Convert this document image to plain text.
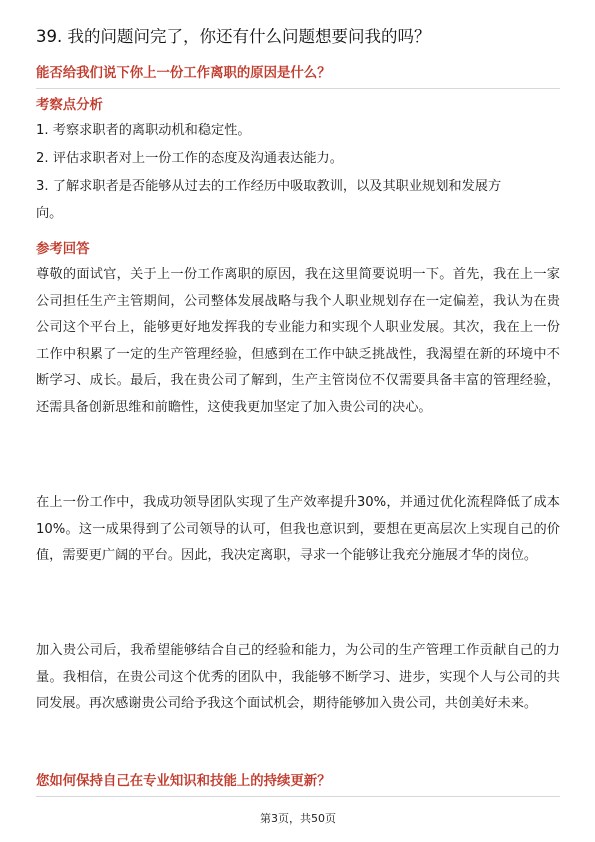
39. 我的问题问完了，你还有什么问题想要问我的吗？
能否给我们说下你上一份工作离职的原因是什么？
考察点分析
1. 考察求职者的离职动机和稳定性。
2. 评估求职者对上一份工作的态度及沟通表达能力。
3. 了解求职者是否能够从过去的工作经历中吸取教训，以及其职业规划和发展方
向。
参考回答
尊敬的面试官，关于上一份工作离职的原因，我在这里简要说明一下。首先，我在上一家公司担任生产主管期间，公司整体发展战略与我个人职业规划存在一定偏差，我认为在贵公司这个平台上，能够更好地发挥我的专业能力和实现个人职业发展。其次，我在上一份工作中积累了一定的生产管理经验，但感到在工作中缺乏挑战性，我渴望在新的环境中不断学习、成长。最后，我在贵公司了解到，生产主管岗位不仅需要具备丰富的管理经验，还需具备创新思维和前瞻性，这使我更加坚定了加入贵公司的决心。
在上一份工作中，我成功领导团队实现了生产效率提升30%，并通过优化流程降低了成本10%。这一成果得到了公司领导的认可，但我也意识到，要想在更高层次上实现自己的价值，需要更广阔的平台。因此，我决定离职，寻求一个能够让我充分施展才华的岗位。
加入贵公司后，我希望能够结合自己的经验和能力，为公司的生产管理工作贡献自己的力量。我相信，在贵公司这个优秀的团队中，我能够不断学习、进步，实现个人与公司的共同发展。再次感谢贵公司给予我这个面试机会，期待能够加入贵公司，共创美好未来。
您如何保持自己在专业知识和技能上的持续更新？
第3页，共50页
